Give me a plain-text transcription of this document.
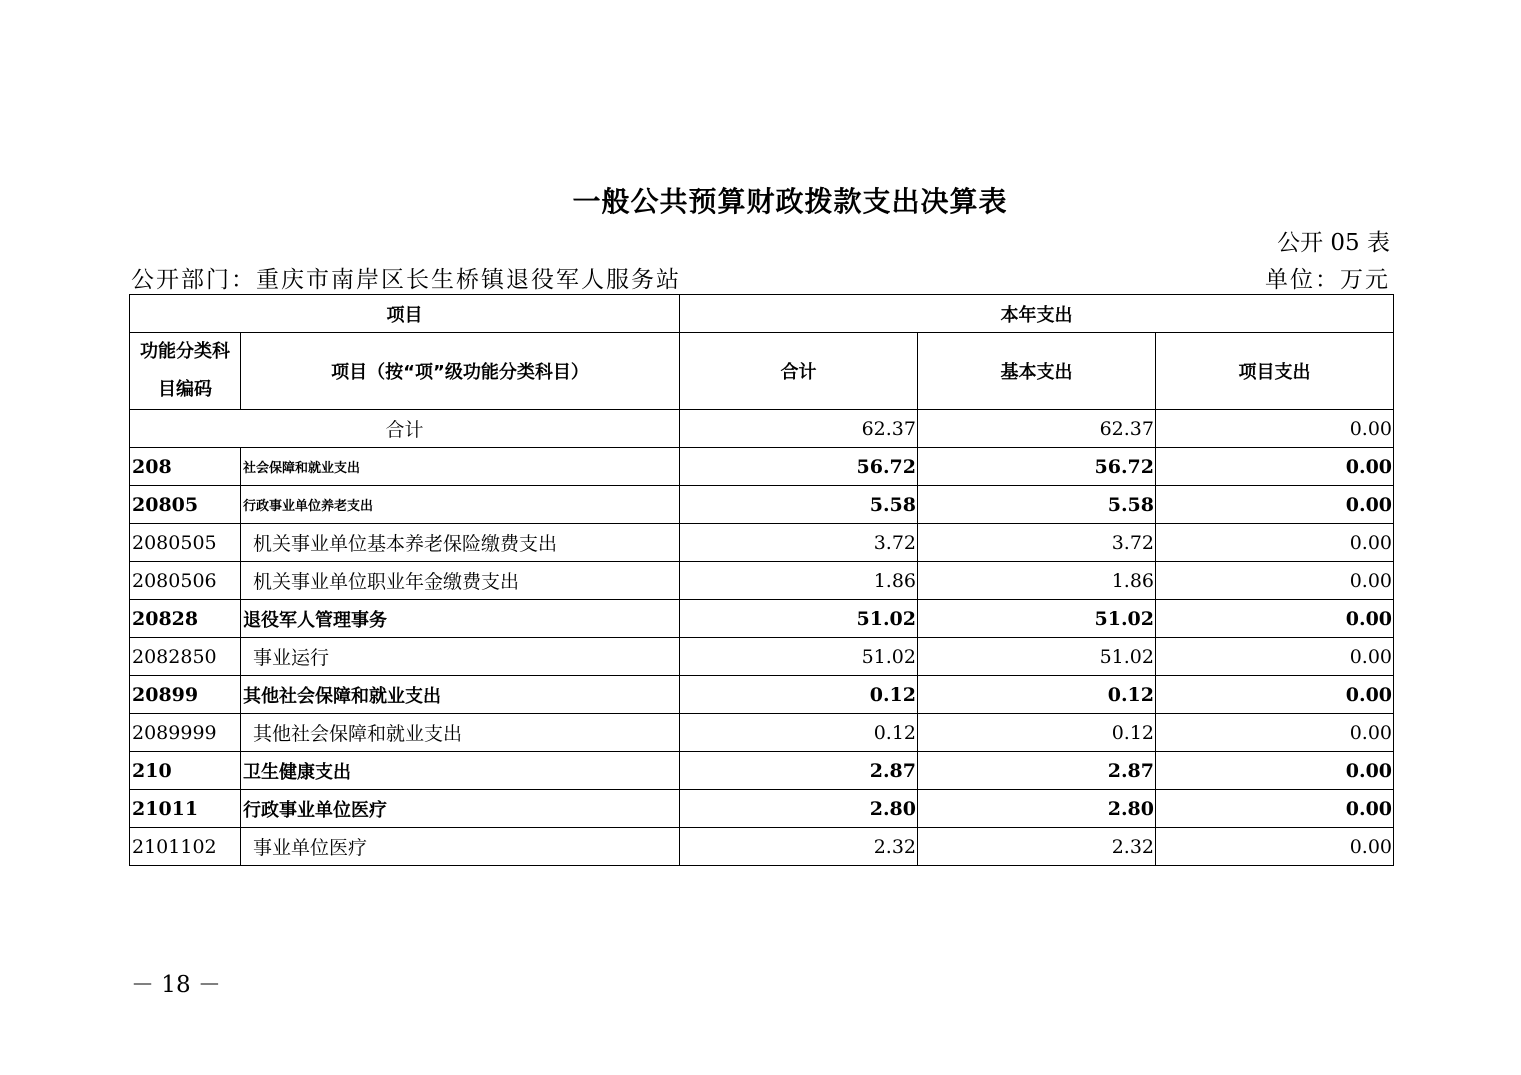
一般公共预算财政拨款支出决算表
公开 05 表
公开部门：重庆市南岸区长生桥镇退役军人服务站	单位：万元
项目		本年支出		
功能分类科目编码	项目（按“项”级功能分类科目）	合计	基本支出	项目支出
合计		62.37	62.37	0.00
208	社会保障和就业支出	56.72	56.72	0.00
20805	行政事业单位养老支出	5.58	5.58	0.00
2080505	机关事业单位基本养老保险缴费支出	3.72	3.72	0.00
2080506	机关事业单位职业年金缴费支出	1.86	1.86	0.00
20828	退役军人管理事务	51.02	51.02	0.00
2082850	事业运行	51.02	51.02	0.00
20899	其他社会保障和就业支出	0.12	0.12	0.00
2089999	其他社会保障和就业支出	0.12	0.12	0.00
210	卫生健康支出	2.87	2.87	0.00
21011	行政事业单位医疗	2.80	2.80	0.00
2101102	事业单位医疗	2.32	2.32	0.00
－ 18 －
